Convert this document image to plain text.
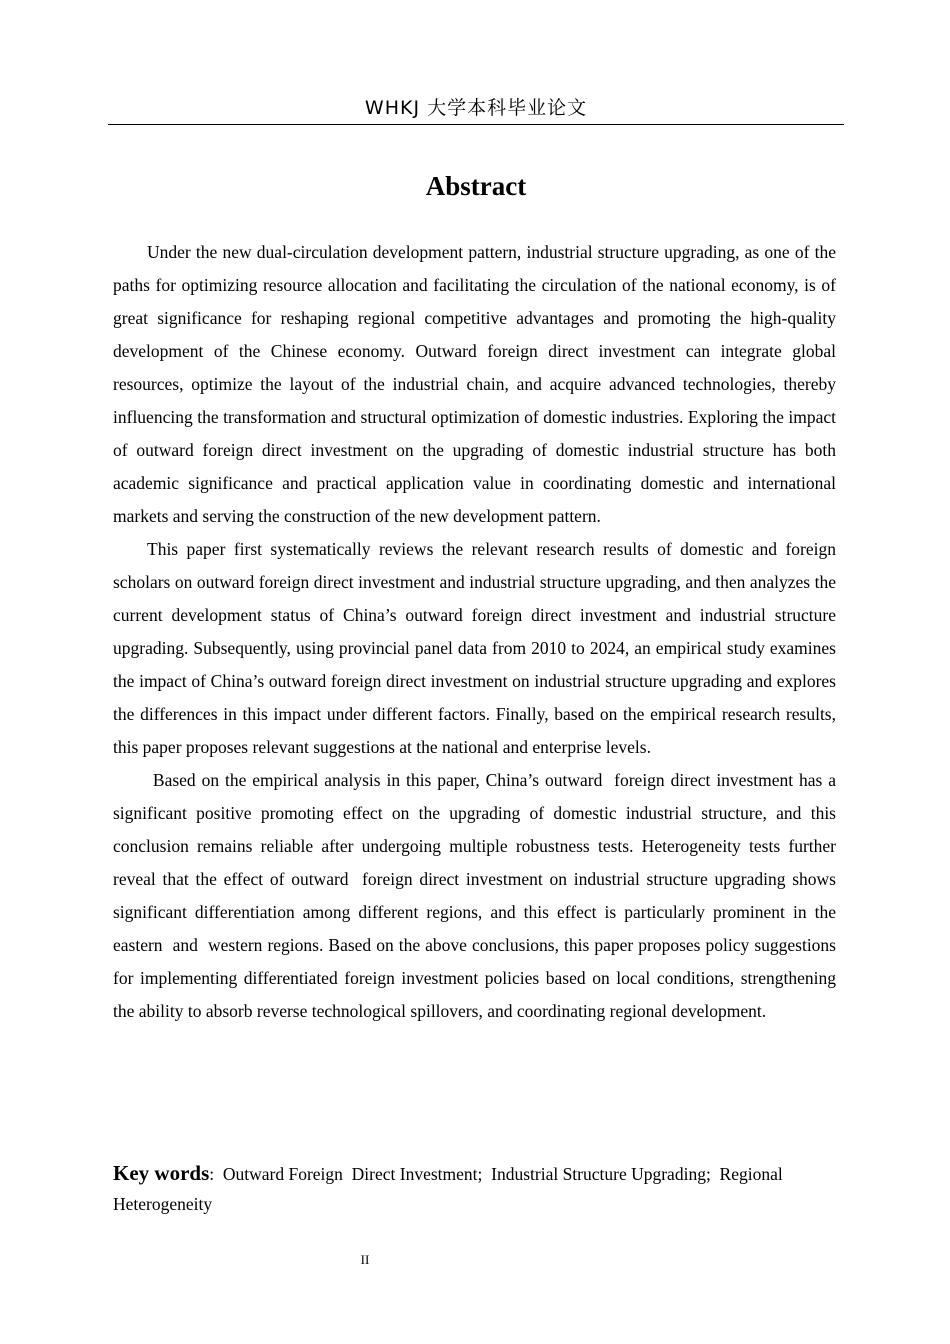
WHKJ 大学本科毕业论文
Abstract

Under the new dual-circulation development pattern, industrial structure upgrading, as one of the paths for optimizing resource allocation and facilitating the circulation of the national economy, is of great significance for reshaping regional competitive advantages and promoting the high-quality development of the Chinese economy. Outward foreign direct investment can integrate global resources, optimize the layout of the industrial chain, and acquire advanced technologies, thereby influencing the transformation and structural optimization of domestic industries. Exploring the impact of outward foreign direct investment on the upgrading of domestic industrial structure has both academic significance and practical application value in coordinating domestic and international markets and serving the construction of the new development pattern.

This paper first systematically reviews the relevant research results of domestic and foreign scholars on outward foreign direct investment and industrial structure upgrading, and then analyzes the current development status of China’s outward foreign direct investment and industrial structure upgrading. Subsequently, using provincial panel data from 2010 to 2024, an empirical study examines the impact of China’s outward foreign direct investment on industrial structure upgrading and explores the differences in this impact under different factors. Finally, based on the empirical research results, this paper proposes relevant suggestions at the national and enterprise levels.

Based on the empirical analysis in this paper, China’s outward  foreign direct investment has a significant positive promoting effect on the upgrading of domestic industrial structure, and this conclusion remains reliable after undergoing multiple robustness tests. Heterogeneity tests further reveal that the effect of outward  foreign direct investment on industrial structure upgrading shows significant differentiation among different regions, and this effect is particularly prominent in the eastern  and  western regions. Based on the above conclusions, this paper proposes policy suggestions for implementing differentiated foreign investment policies based on local conditions, strengthening the ability to absorb reverse technological spillovers, and coordinating regional development.

Key words:  Outward Foreign  Direct Investment;  Industrial Structure Upgrading;  Regional Heterogeneity
II
